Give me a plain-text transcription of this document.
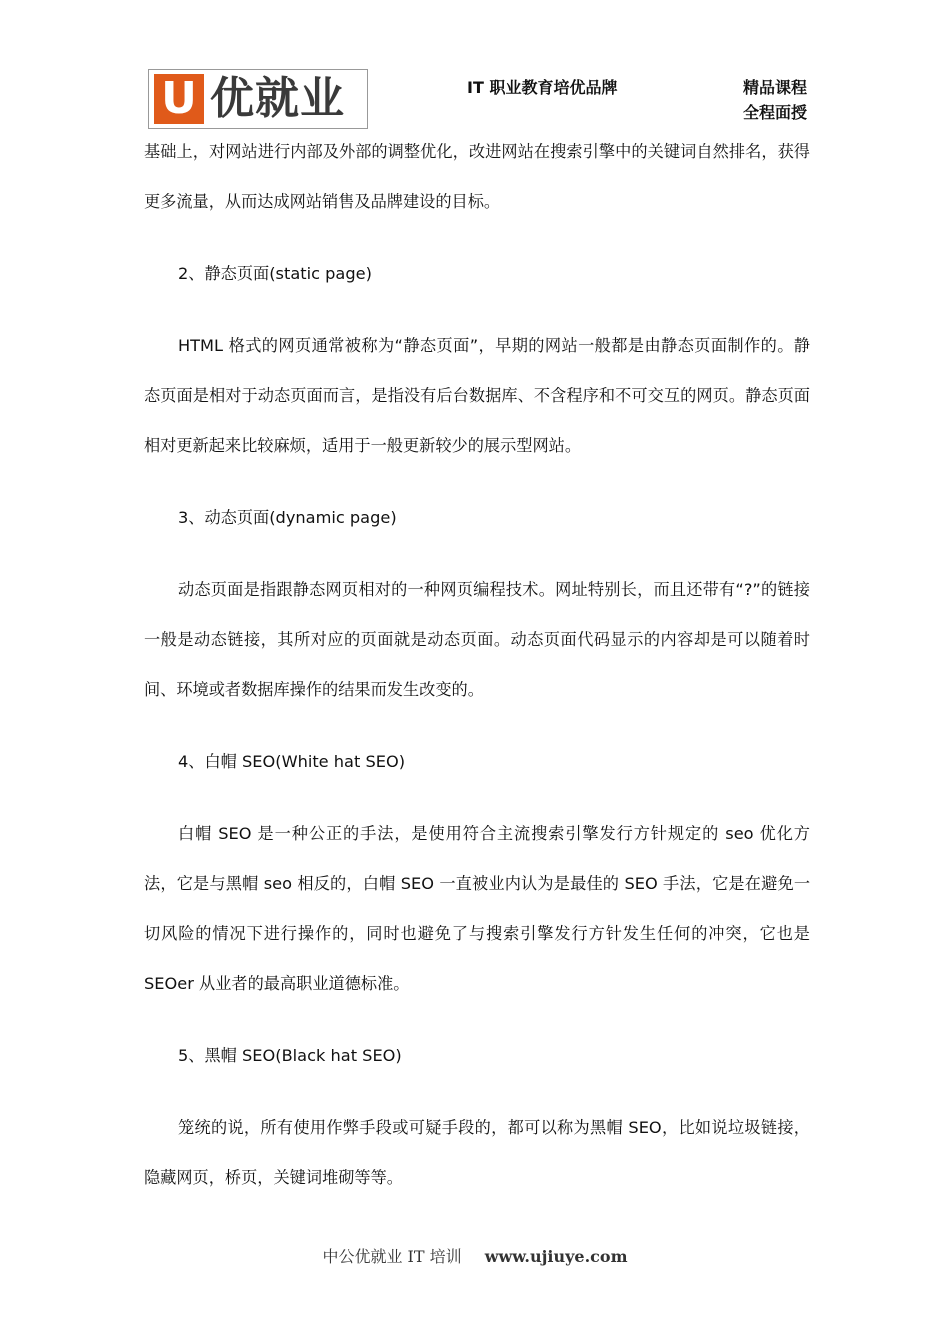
U 优就业	IT 职业教育培优品牌	精品课程
全程面授

基础上，对网站进行内部及外部的调整优化，改进网站在搜索引擎中的关键词自然排名，获得更多流量，从而达成网站销售及品牌建设的目标。

2、静态页面(static page)

HTML 格式的网页通常被称为“静态页面”，早期的网站一般都是由静态页面制作的。静态页面是相对于动态页面而言，是指没有后台数据库、不含程序和不可交互的网页。静态页面相对更新起来比较麻烦，适用于一般更新较少的展示型网站。

3、动态页面(dynamic page)

动态页面是指跟静态网页相对的一种网页编程技术。网址特别长，而且还带有“?”的链接一般是动态链接，其所对应的页面就是动态页面。动态页面代码显示的内容却是可以随着时间、环境或者数据库操作的结果而发生改变的。

4、白帽 SEO(White hat SEO)

白帽 SEO 是一种公正的手法，是使用符合主流搜索引擎发行方针规定的 seo 优化方法，它是与黑帽 seo 相反的，白帽 SEO 一直被业内认为是最佳的 SEO 手法，它是在避免一切风险的情况下进行操作的，同时也避免了与搜索引擎发行方针发生任何的冲突，它也是 SEOer 从业者的最高职业道德标准。

5、黑帽 SEO(Black hat SEO)

笼统的说，所有使用作弊手段或可疑手段的，都可以称为黑帽 SEO，比如说垃圾链接，隐藏网页，桥页，关键词堆砌等等。

中公优就业 IT 培训 www.ujiuye.com
